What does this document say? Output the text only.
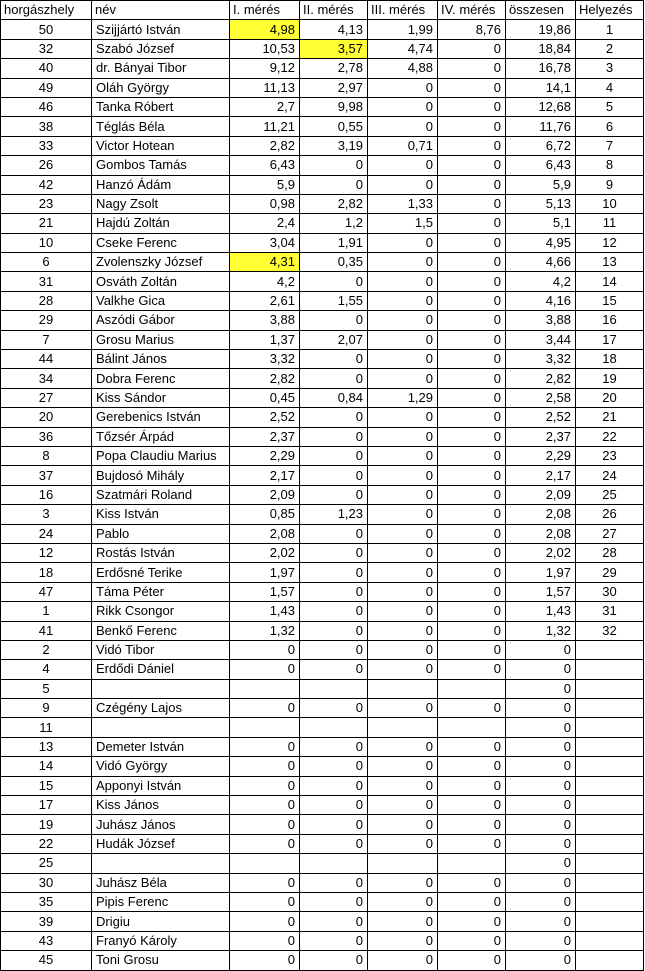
horgászhely	név	I. mérés	II. mérés	III. mérés	IV. mérés	összesen	Helyezés
50	Szijjártó István	4,98	4,13	1,99	8,76	19,86	1
32	Szabó József	10,53	3,57	4,74	0	18,84	2
40	dr. Bányai Tibor	9,12	2,78	4,88	0	16,78	3
49	Oláh György	11,13	2,97	0	0	14,1	4
46	Tanka Róbert	2,7	9,98	0	0	12,68	5
38	Téglás Béla	11,21	0,55	0	0	11,76	6
33	Victor Hotean	2,82	3,19	0,71	0	6,72	7
26	Gombos Tamás	6,43	0	0	0	6,43	8
42	Hanzó Ádám	5,9	0	0	0	5,9	9
23	Nagy Zsolt	0,98	2,82	1,33	0	5,13	10
21	Hajdú Zoltán	2,4	1,2	1,5	0	5,1	11
10	Cseke Ferenc	3,04	1,91	0	0	4,95	12
6	Zvolenszky József	4,31	0,35	0	0	4,66	13
31	Osváth Zoltán	4,2	0	0	0	4,2	14
28	Valkhe Gica	2,61	1,55	0	0	4,16	15
29	Aszódi Gábor	3,88	0	0	0	3,88	16
7	Grosu Marius	1,37	2,07	0	0	3,44	17
44	Bálint János	3,32	0	0	0	3,32	18
34	Dobra Ferenc	2,82	0	0	0	2,82	19
27	Kiss Sándor	0,45	0,84	1,29	0	2,58	20
20	Gerebenics István	2,52	0	0	0	2,52	21
36	Tőzsér Árpád	2,37	0	0	0	2,37	22
8	Popa Claudiu Marius	2,29	0	0	0	2,29	23
37	Bujdosó Mihály	2,17	0	0	0	2,17	24
16	Szatmári Roland	2,09	0	0	0	2,09	25
3	Kiss István	0,85	1,23	0	0	2,08	26
24	Pablo	2,08	0	0	0	2,08	27
12	Rostás István	2,02	0	0	0	2,02	28
18	Erdősné Terike	1,97	0	0	0	1,97	29
47	Táma Péter	1,57	0	0	0	1,57	30
1	Rikk Csongor	1,43	0	0	0	1,43	31
41	Benkő Ferenc	1,32	0	0	0	1,32	32
2	Vidó Tibor	0	0	0	0	0	
4	Erdődi Dániel	0	0	0	0	0	
5						0	
9	Czégény Lajos	0	0	0	0	0	
11						0	
13	Demeter István	0	0	0	0	0	
14	Vidó György	0	0	0	0	0	
15	Apponyi István	0	0	0	0	0	
17	Kiss János	0	0	0	0	0	
19	Juhász János	0	0	0	0	0	
22	Hudák József	0	0	0	0	0	
25						0	
30	Juhász Béla	0	0	0	0	0	
35	Pipis Ferenc	0	0	0	0	0	
39	Drigiu	0	0	0	0	0	
43	Franyó Károly	0	0	0	0	0	
45	Toni Grosu	0	0	0	0	0	
